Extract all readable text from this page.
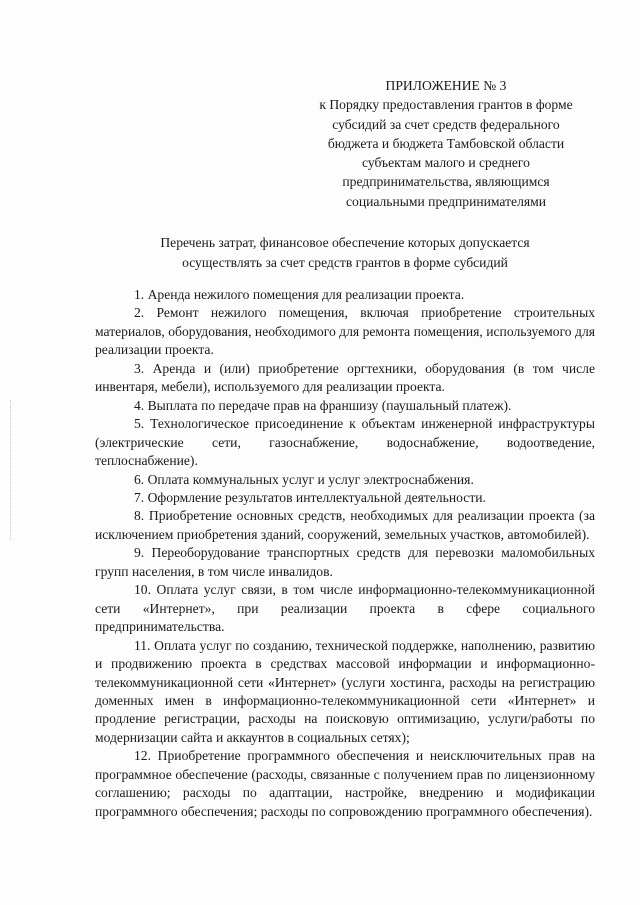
ПРИЛОЖЕНИЕ № 3
к Порядку предоставления грантов в форме
субсидий за счет средств федерального
бюджета и бюджета Тамбовской области
субъектам малого и среднего
предпринимательства, являющимся
социальными предпринимателями
Перечень затрат, финансовое обеспечение которых допускается
осуществлять за счет средств грантов в форме субсидий

1. Аренда нежилого помещения для реализации проекта.

2. Ремонт нежилого помещения, включая приобретение строительных материалов, оборудования, необходимого для ремонта помещения, используемого для реализации проекта.

3. Аренда и (или) приобретение оргтехники, оборудования (в том числе инвентаря, мебели), используемого для реализации проекта.

4. Выплата по передаче прав на франшизу (паушальный платеж).

5. Технологическое присоединение к объектам инженерной инфраструктуры (электрические сети, газоснабжение, водоснабжение, водоотведение, теплоснабжение).

6. Оплата коммунальных услуг и услуг электроснабжения.

7. Оформление результатов интеллектуальной деятельности.

8. Приобретение основных средств, необходимых для реализации проекта (за исключением приобретения зданий, сооружений, земельных участков, автомобилей).

9. Переоборудование транспортных средств для перевозки маломобильных групп населения, в том числе инвалидов.

10. Оплата услуг связи, в том числе информационно-телекоммуникационной сети «Интернет», при реализации проекта в сфере социального предпринимательства.

11. Оплата услуг по созданию, технической поддержке, наполнению, развитию и продвижению проекта в средствах массовой информации и информационно-телекоммуникационной сети «Интернет» (услуги хостинга, расходы на регистрацию доменных имен в информационно-телекоммуникационной сети «Интернет» и продление регистрации, расходы на поисковую оптимизацию, услуги/работы по модернизации сайта и аккаунтов в социальных сетях);

12. Приобретение программного обеспечения и неисключительных прав на программное обеспечение (расходы, связанные с получением прав по лицензионному соглашению; расходы по адаптации, настройке, внедрению и модификации программного обеспечения; расходы по сопровождению программного обеспечения).
